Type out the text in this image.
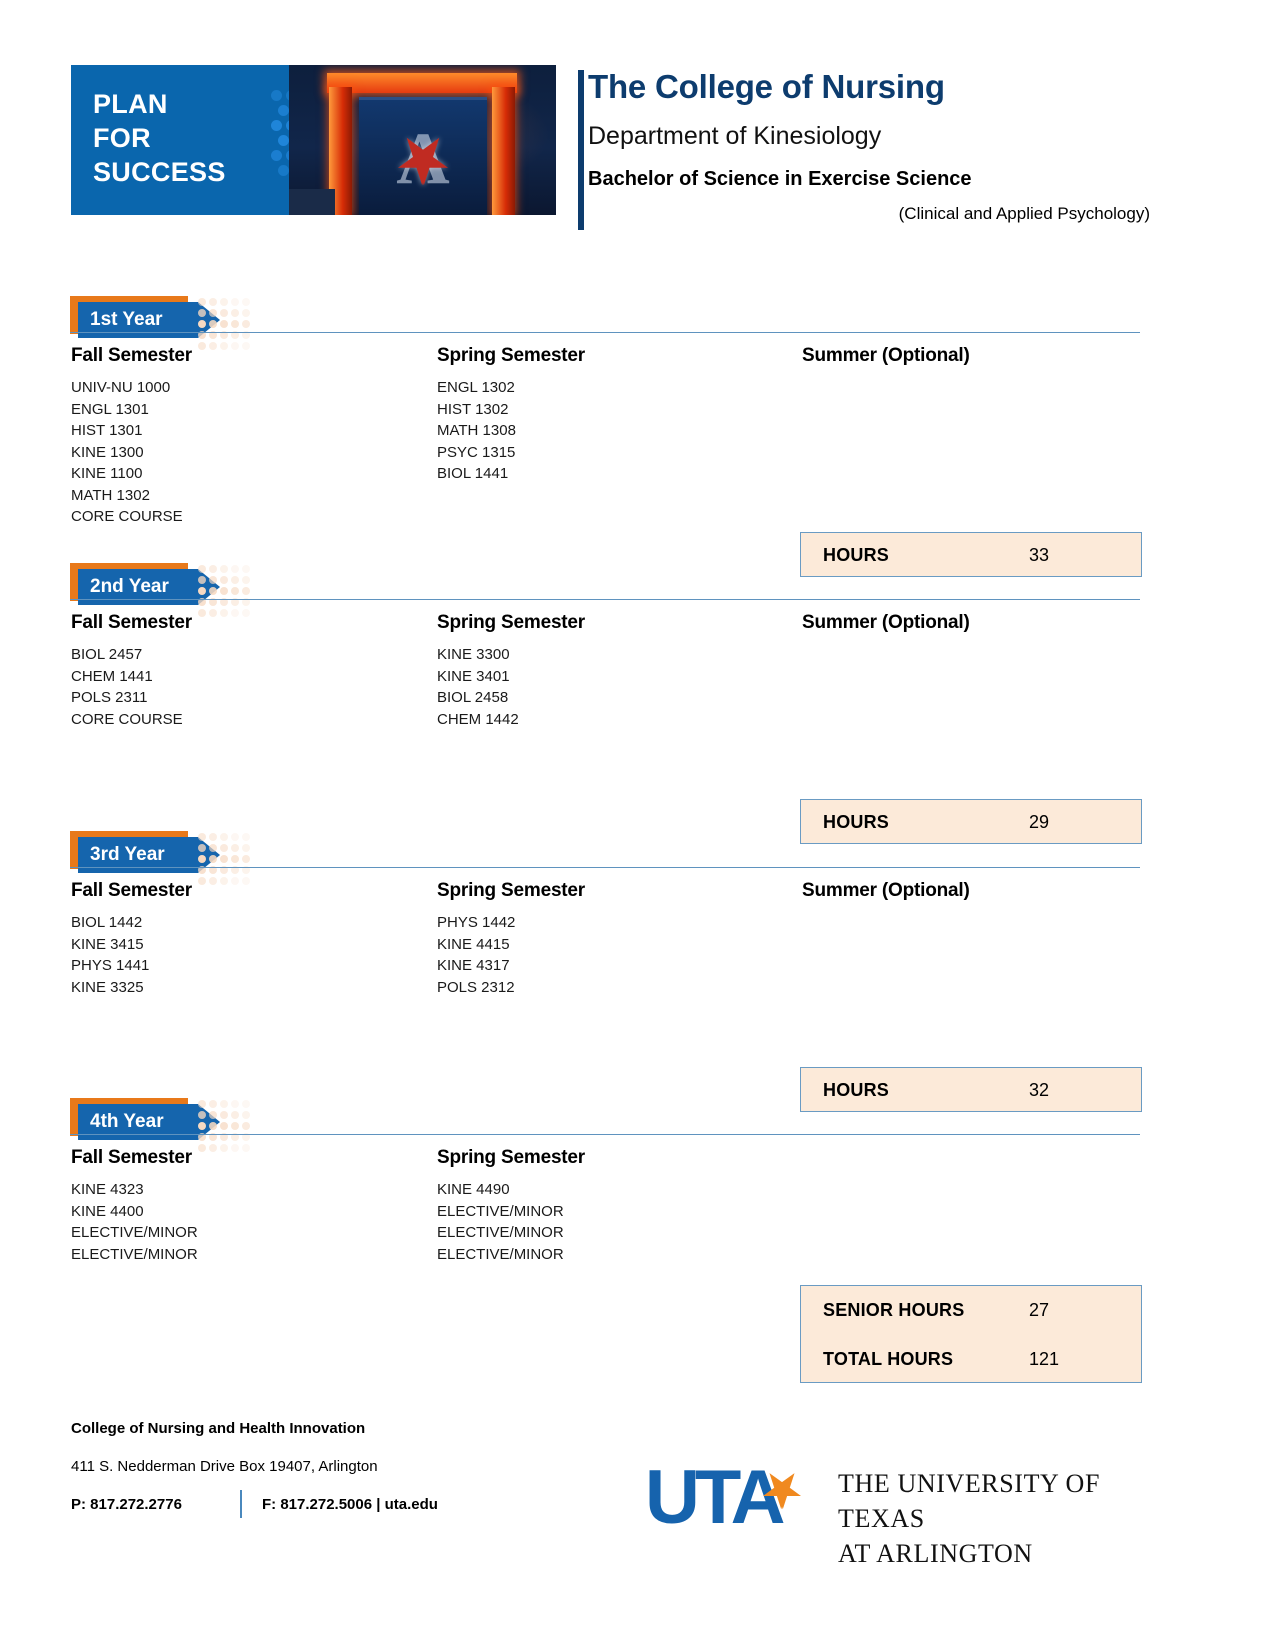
PLAN
FOR
SUCCESS A
The College of Nursing
Department of Kinesiology
Bachelor of Science in Exercise Science
(Clinical and Applied Psychology)
1st Year
Fall Semester
UNIV-NU 1000
ENGL 1301
HIST 1301
KINE 1300
KINE 1100
MATH 1302
CORE COURSE
Spring Semester
ENGL 1302
HIST 1302
MATH 1308
PSYC 1315
BIOL 1441
Summer (Optional)
HOURS	33
2nd Year
Fall Semester
BIOL 2457
CHEM 1441
POLS 2311
CORE COURSE
Spring Semester
KINE 3300
KINE 3401
BIOL 2458
CHEM 1442
Summer (Optional)
HOURS	29
3rd Year
Fall Semester
BIOL 1442
KINE 3415
PHYS 1441
KINE 3325
Spring Semester
PHYS 1442
KINE 4415
KINE 4317
POLS 2312
Summer (Optional)
HOURS	32
4th Year
Fall Semester
KINE 4323
KINE 4400
ELECTIVE/MINOR
ELECTIVE/MINOR
Spring Semester
KINE 4490
ELECTIVE/MINOR
ELECTIVE/MINOR
ELECTIVE/MINOR
SENIOR HOURS	27
TOTAL HOURS	121
College of Nursing and Health Innovation
411 S. Nedderman Drive Box 19407, Arlington
P: 817.272.2776	F: 817.272.5006 | uta.edu	UTA THE UNIVERSITY OF TEXAS
AT ARLINGTON
